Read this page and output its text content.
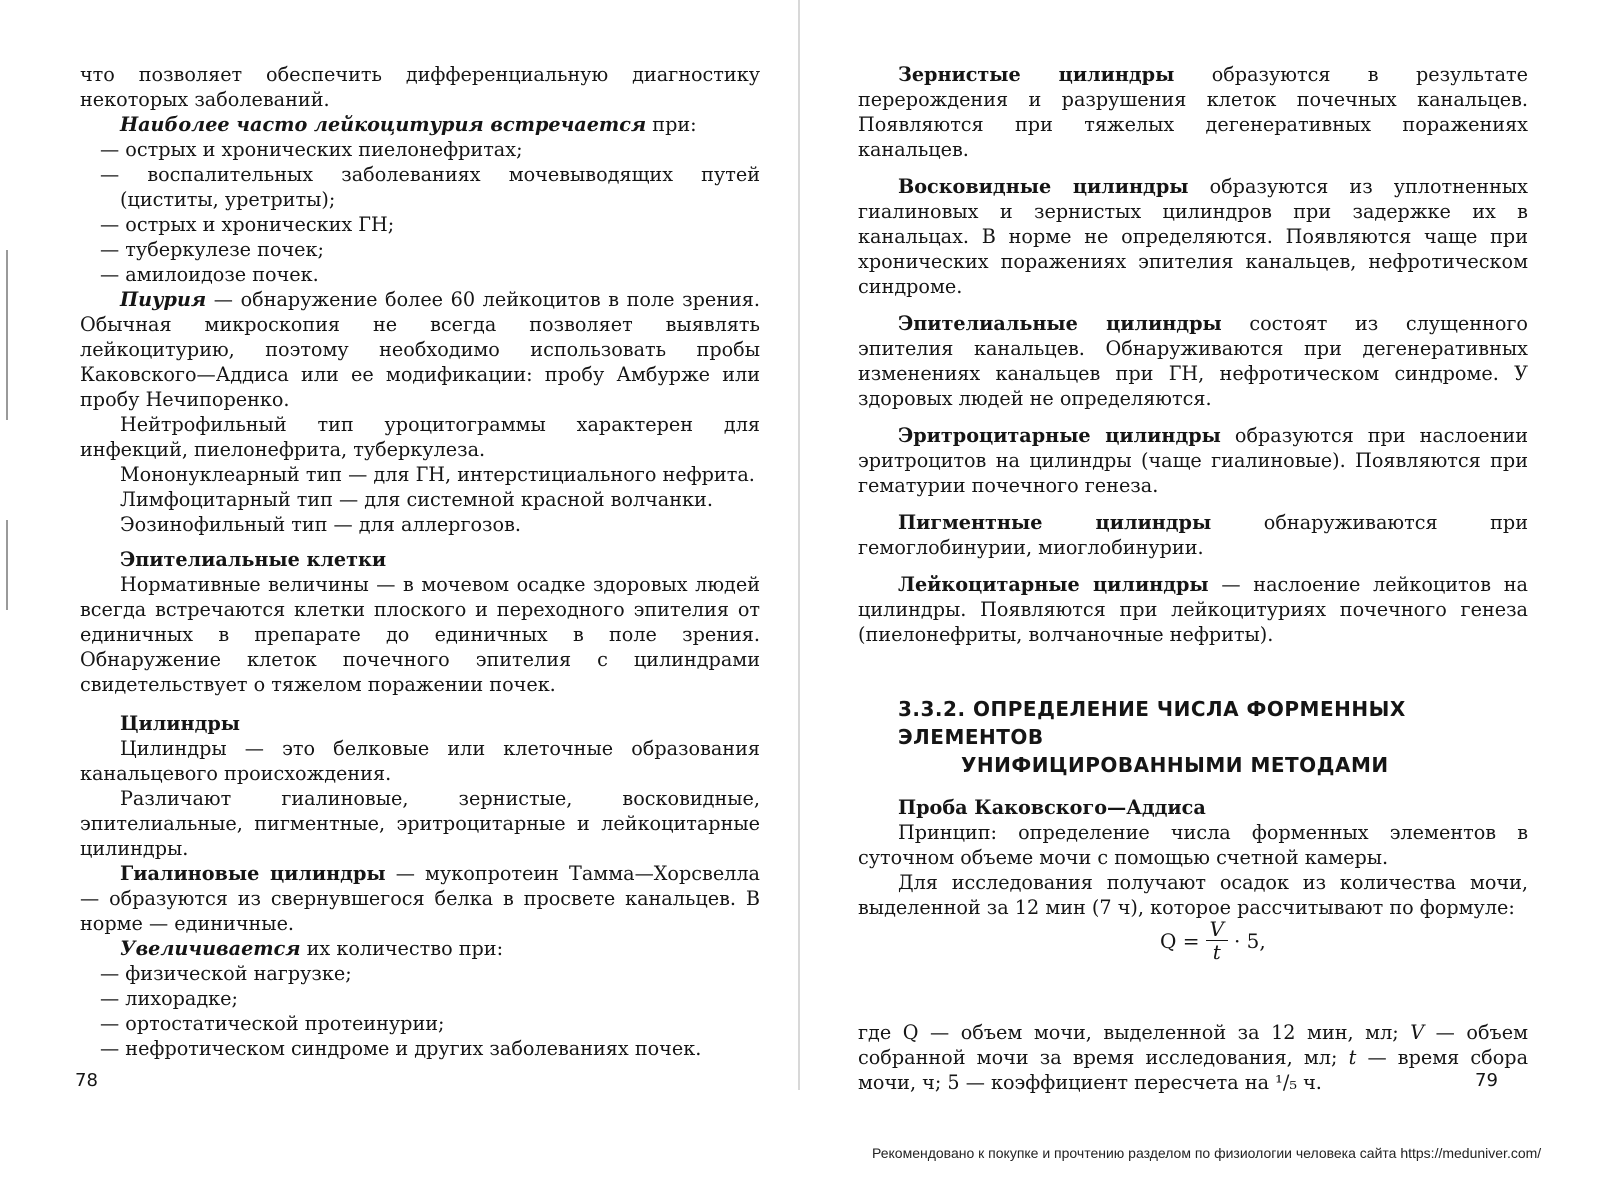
что позволяет обеспечить дифференциальную диагностику некоторых заболеваний.

Наиболее часто лейкоцитурия встречается при:

— острых и хронических пиелонефритах;

— воспалительных заболеваниях мочевыводящих путей (циститы, уретриты);

— острых и хронических ГН;

— туберкулезе почек;

— амилоидозе почек.

Пиурия — обнаружение более 60 лейкоцитов в поле зрения. Обычная микроскопия не всегда позволяет выявлять лейкоцитурию, поэтому необходимо использовать пробы Каковского—Аддиса или ее модификации: пробу Амбурже или пробу Нечипоренко.

Нейтрофильный тип уроцитограммы характерен для инфекций, пиелонефрита, туберкулеза.

Мононуклеарный тип — для ГН, интерстициального нефрита.

Лимфоцитарный тип — для системной красной волчанки.

Эозинофильный тип — для аллергозов.

Эпителиальные клетки

Нормативные величины — в мочевом осадке здоровых людей всегда встречаются клетки плоского и переходного эпителия от единичных в препарате до единичных в поле зрения. Обнаружение клеток почечного эпителия с цилиндрами свидетельствует о тяжелом поражении почек.

Цилиндры

Цилиндры — это белковые или клеточные образования канальцевого происхождения.

Различают гиалиновые, зернистые, восковидные, эпителиальные, пигментные, эритроцитарные и лейкоцитарные цилиндры.

Гиалиновые цилиндры — мукопротеин Тамма—Хорсвелла — образуются из свернувшегося белка в просвете канальцев. В норме — единичные.

Увеличивается их количество при:

— физической нагрузке;

— лихорадке;

— ортостатической протеинурии;

— нефротическом синдроме и других заболеваниях почек.

78

Зернистые цилиндры образуются в результате перерождения и разрушения клеток почечных канальцев. Появляются при тяжелых дегенеративных поражениях канальцев.

Восковидные цилиндры образуются из уплотненных гиалиновых и зернистых цилиндров при задержке их в канальцах. В норме не определяются. Появляются чаще при хронических поражениях эпителия канальцев, нефротическом синдроме.

Эпителиальные цилиндры состоят из слущенного эпителия канальцев. Обнаруживаются при дегенеративных изменениях канальцев при ГН, нефротическом синдроме. У здоровых людей не определяются.

Эритроцитарные цилиндры образуются при наслоении эритроцитов на цилиндры (чаще гиалиновые). Появляются при гематурии почечного генеза.

Пигментные цилиндры обнаруживаются при гемоглобинурии, миоглобинурии.

Лейкоцитарные цилиндры — наслоение лейкоцитов на цилиндры. Появляются при лейкоцитуриях почечного генеза (пиелонефриты, волчаночные нефриты).

3.3.2. ОПРЕДЕЛЕНИЕ ЧИСЛА ФОРМЕННЫХ ЭЛЕМЕНТОВ
УНИФИЦИРОВАННЫМИ МЕТОДАМИ

Проба Каковского—Аддиса

Принцип: определение числа форменных элементов в суточном объеме мочи с помощью счетной камеры.

Для исследования получают осадок из количества мочи, выделенной за 12 мин (7 ч), которое рассчитывают по формуле:

где Q — объем мочи, выделенной за 12 мин, мл; V — объем собранной мочи за время исследования, мл; t — время сбора мочи, ч; 5 — коэффициент пересчета на ¹/₅ ч.

$Q = \frac{V}{t} \cdot 5$,
79
Рекомендовано к покупке и прочтению разделом по физиологии человека сайта https://meduniver.com/
